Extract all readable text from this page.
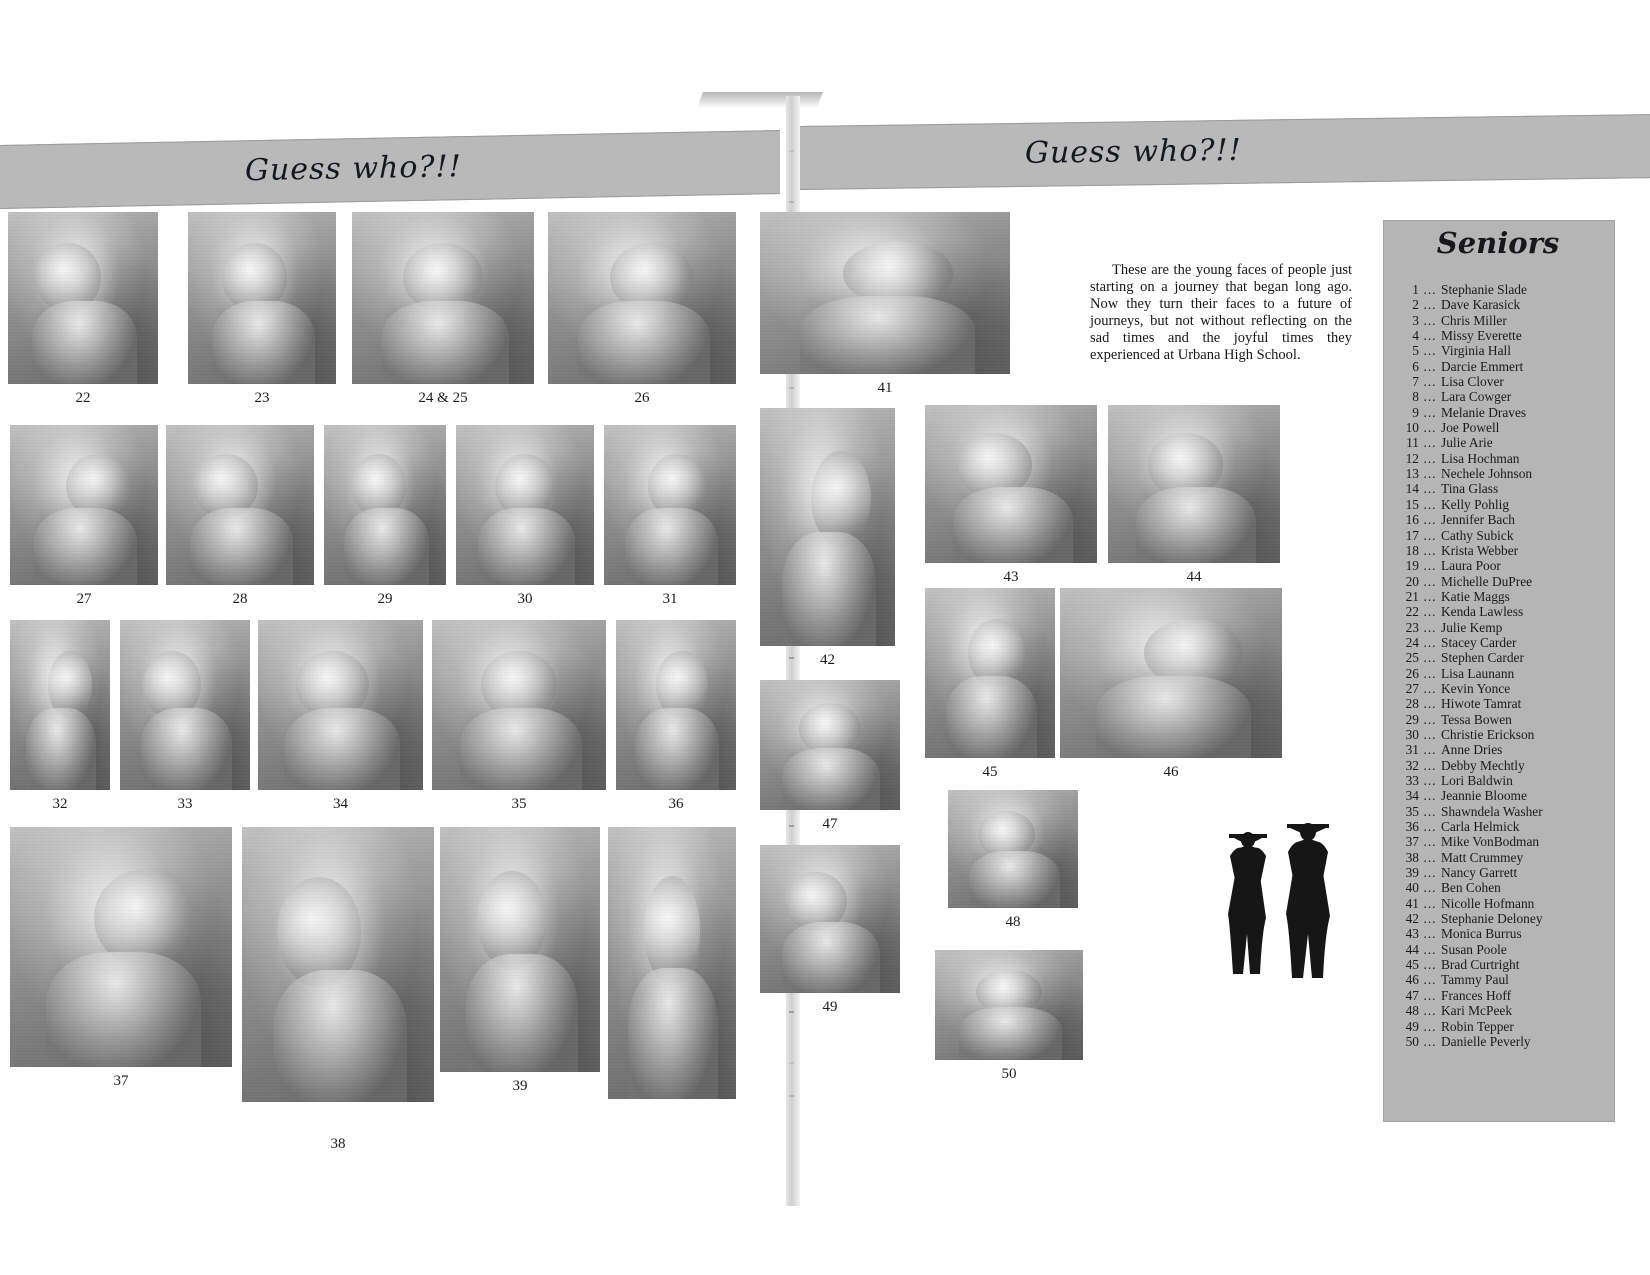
Guess who?!!	Guess who?!!
These are the young faces of people just starting on a journey that began long ago. Now they turn their faces to a future of journeys, but not without reflecting on the sad times and the joyful times they experienced at Urbana High School.
Seniors
1 ... Stephanie Slade
2 ... Dave Karasick
3 ... Chris Miller
4 ... Missy Everette
5 ... Virginia Hall
6 ... Darcie Emmert
7 ... Lisa Clover
8 ... Lara Cowger
9 ... Melanie Draves
10 ... Joe Powell
11 ... Julie Arie
12 ... Lisa Hochman
13 ... Nechele Johnson
14 ... Tina Glass
15 ... Kelly Pohlig
16 ... Jennifer Bach
17 ... Cathy Subick
18 ... Krista Webber
19 ... Laura Poor
20 ... Michelle DuPree
21 ... Katie Maggs
22 ... Kenda Lawless
23 ... Julie Kemp
24 ... Stacey Carder
25 ... Stephen Carder
26 ... Lisa Launann
27 ... Kevin Yonce
28 ... Hiwote Tamrat
29 ... Tessa Bowen
30 ... Christie Erickson
31 ... Anne Dries
32 ... Debby Mechtly
33 ... Lori Baldwin
34 ... Jeannie Bloome
35 ... Shawndela Washer
36 ... Carla Helmick
37 ... Mike VonBodman
38 ... Matt Crummey
39 ... Nancy Garrett
40 ... Ben Cohen
41 ... Nicolle Hofmann
42 ... Stephanie Deloney
43 ... Monica Burrus
44 ... Susan Poole
45 ... Brad Curtright
46 ... Tammy Paul
47 ... Frances Hoff
48 ... Kari McPeek
49 ... Robin Tepper
50 ... Danielle Peverly
22	23	24 & 25	26
27	28	29	30	31
32	33	34	35	36
37
38
39
41
42
43	44
47
45	46
49
48
50
